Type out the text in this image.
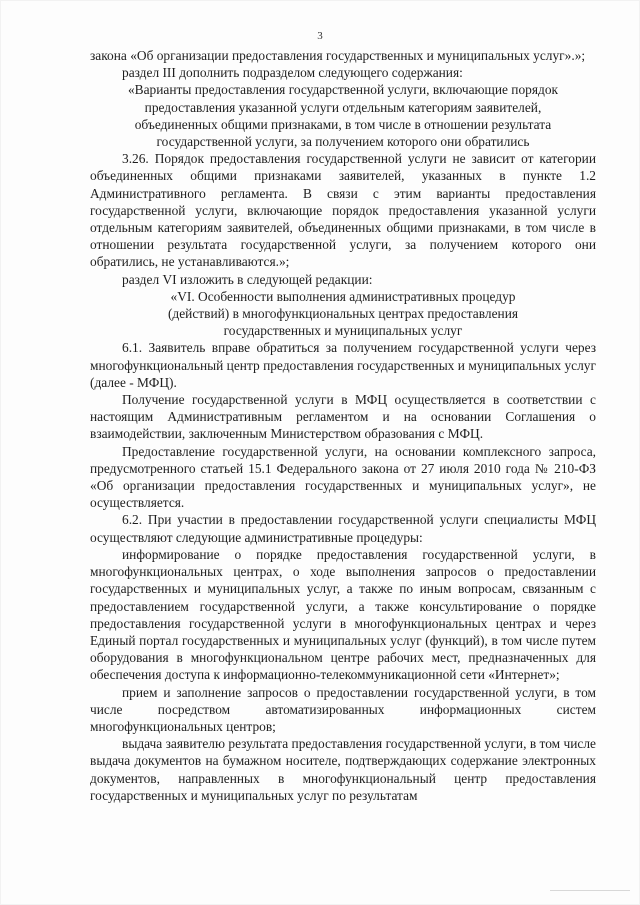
3

закона «Об организации предоставления государственных и муниципальных услуг».»;

раздел III дополнить подразделом следующего содержания:

«Варианты предоставления государственной услуги, включающие порядок предоставления указанной услуги отдельным категориям заявителей, объединенных общими признаками, в том числе в отношении результата государственной услуги, за получением которого они обратились

3.26. Порядок предоставления государственной услуги не зависит от категории объединенных общими признаками заявителей, указанных в пункте 1.2 Административного регламента. В связи с этим варианты предоставления государственной услуги, включающие порядок предоставления указанной услуги отдельным категориям заявителей, объединенных общими признаками, в том числе в отношении результата государственной услуги, за получением которого они обратились, не устанавливаются.»;

раздел VI изложить в следующей редакции:

«VI. Особенности выполнения административных процедур (действий) в многофункциональных центрах предоставления государственных и муниципальных услуг

6.1. Заявитель вправе обратиться за получением государственной услуги через многофункциональный центр предоставления государственных и муниципальных услуг (далее - МФЦ).

Получение государственной услуги в МФЦ осуществляется в соответствии с настоящим Административным регламентом и на основании Соглашения о взаимодействии, заключенным Министерством образования с МФЦ.

Предоставление государственной услуги, на основании комплексного запроса, предусмотренного статьей 15.1 Федерального закона от 27 июля 2010 года № 210-ФЗ «Об организации предоставления государственных и муниципальных услуг», не осуществляется.

6.2. При участии в предоставлении государственной услуги специалисты МФЦ осуществляют следующие административные процедуры:

информирование о порядке предоставления государственной услуги, в многофункциональных центрах, о ходе выполнения запросов о предоставлении государственных и муниципальных услуг, а также по иным вопросам, связанным с предоставлением государственной услуги, а также консультирование о порядке предоставления государственной услуги в многофункциональных центрах и через Единый портал государственных и муниципальных услуг (функций), в том числе путем оборудования в многофункциональном центре рабочих мест, предназначенных для обеспечения доступа к информационно-телекоммуникационной сети «Интернет»;

прием и заполнение запросов о предоставлении государственной услуги, в том числе посредством автоматизированных информационных систем многофункциональных центров;

выдача заявителю результата предоставления государственной услуги, в том числе выдача документов на бумажном носителе, подтверждающих содержание электронных документов, направленных в многофункциональный центр предоставления государственных и муниципальных услуг по результатам
